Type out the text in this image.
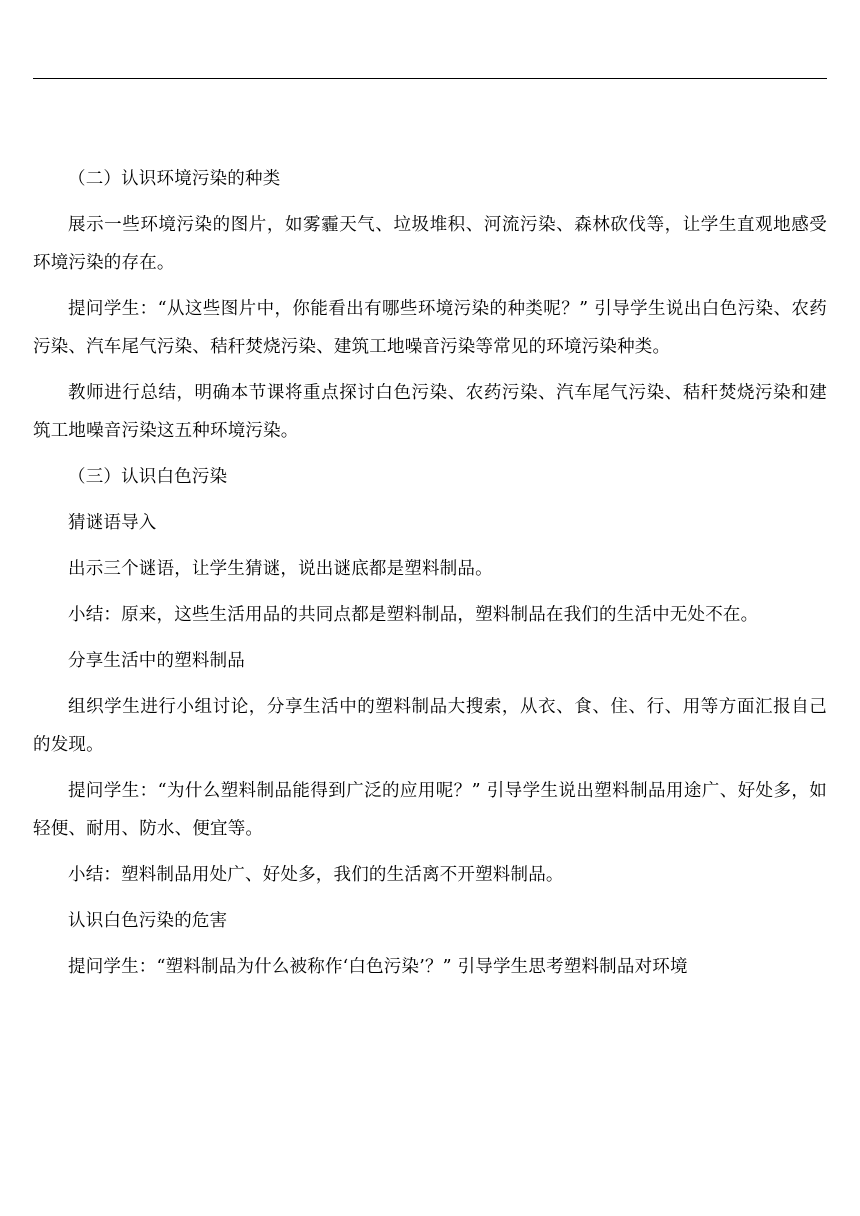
（二）认识环境污染的种类

展示一些环境污染的图片，如雾霾天气、垃圾堆积、河流污染、森林砍伐等，让学生直观地感受环境污染的存在。

提问学生：“从这些图片中，你能看出有哪些环境污染的种类呢？” 引导学生说出白色污染、农药污染、汽车尾气污染、秸秆焚烧污染、建筑工地噪音污染等常见的环境污染种类。

教师进行总结，明确本节课将重点探讨白色污染、农药污染、汽车尾气污染、秸秆焚烧污染和建筑工地噪音污染这五种环境污染。

（三）认识白色污染

猜谜语导入

出示三个谜语，让学生猜谜，说出谜底都是塑料制品。

小结：原来，这些生活用品的共同点都是塑料制品，塑料制品在我们的生活中无处不在。

分享生活中的塑料制品

组织学生进行小组讨论，分享生活中的塑料制品大搜索，从衣、食、住、行、用等方面汇报自己的发现。

提问学生：“为什么塑料制品能得到广泛的应用呢？” 引导学生说出塑料制品用途广、好处多，如轻便、耐用、防水、便宜等。

小结：塑料制品用处广、好处多，我们的生活离不开塑料制品。

认识白色污染的危害

提问学生：“塑料制品为什么被称作‘白色污染’？” 引导学生思考塑料制品对环境
